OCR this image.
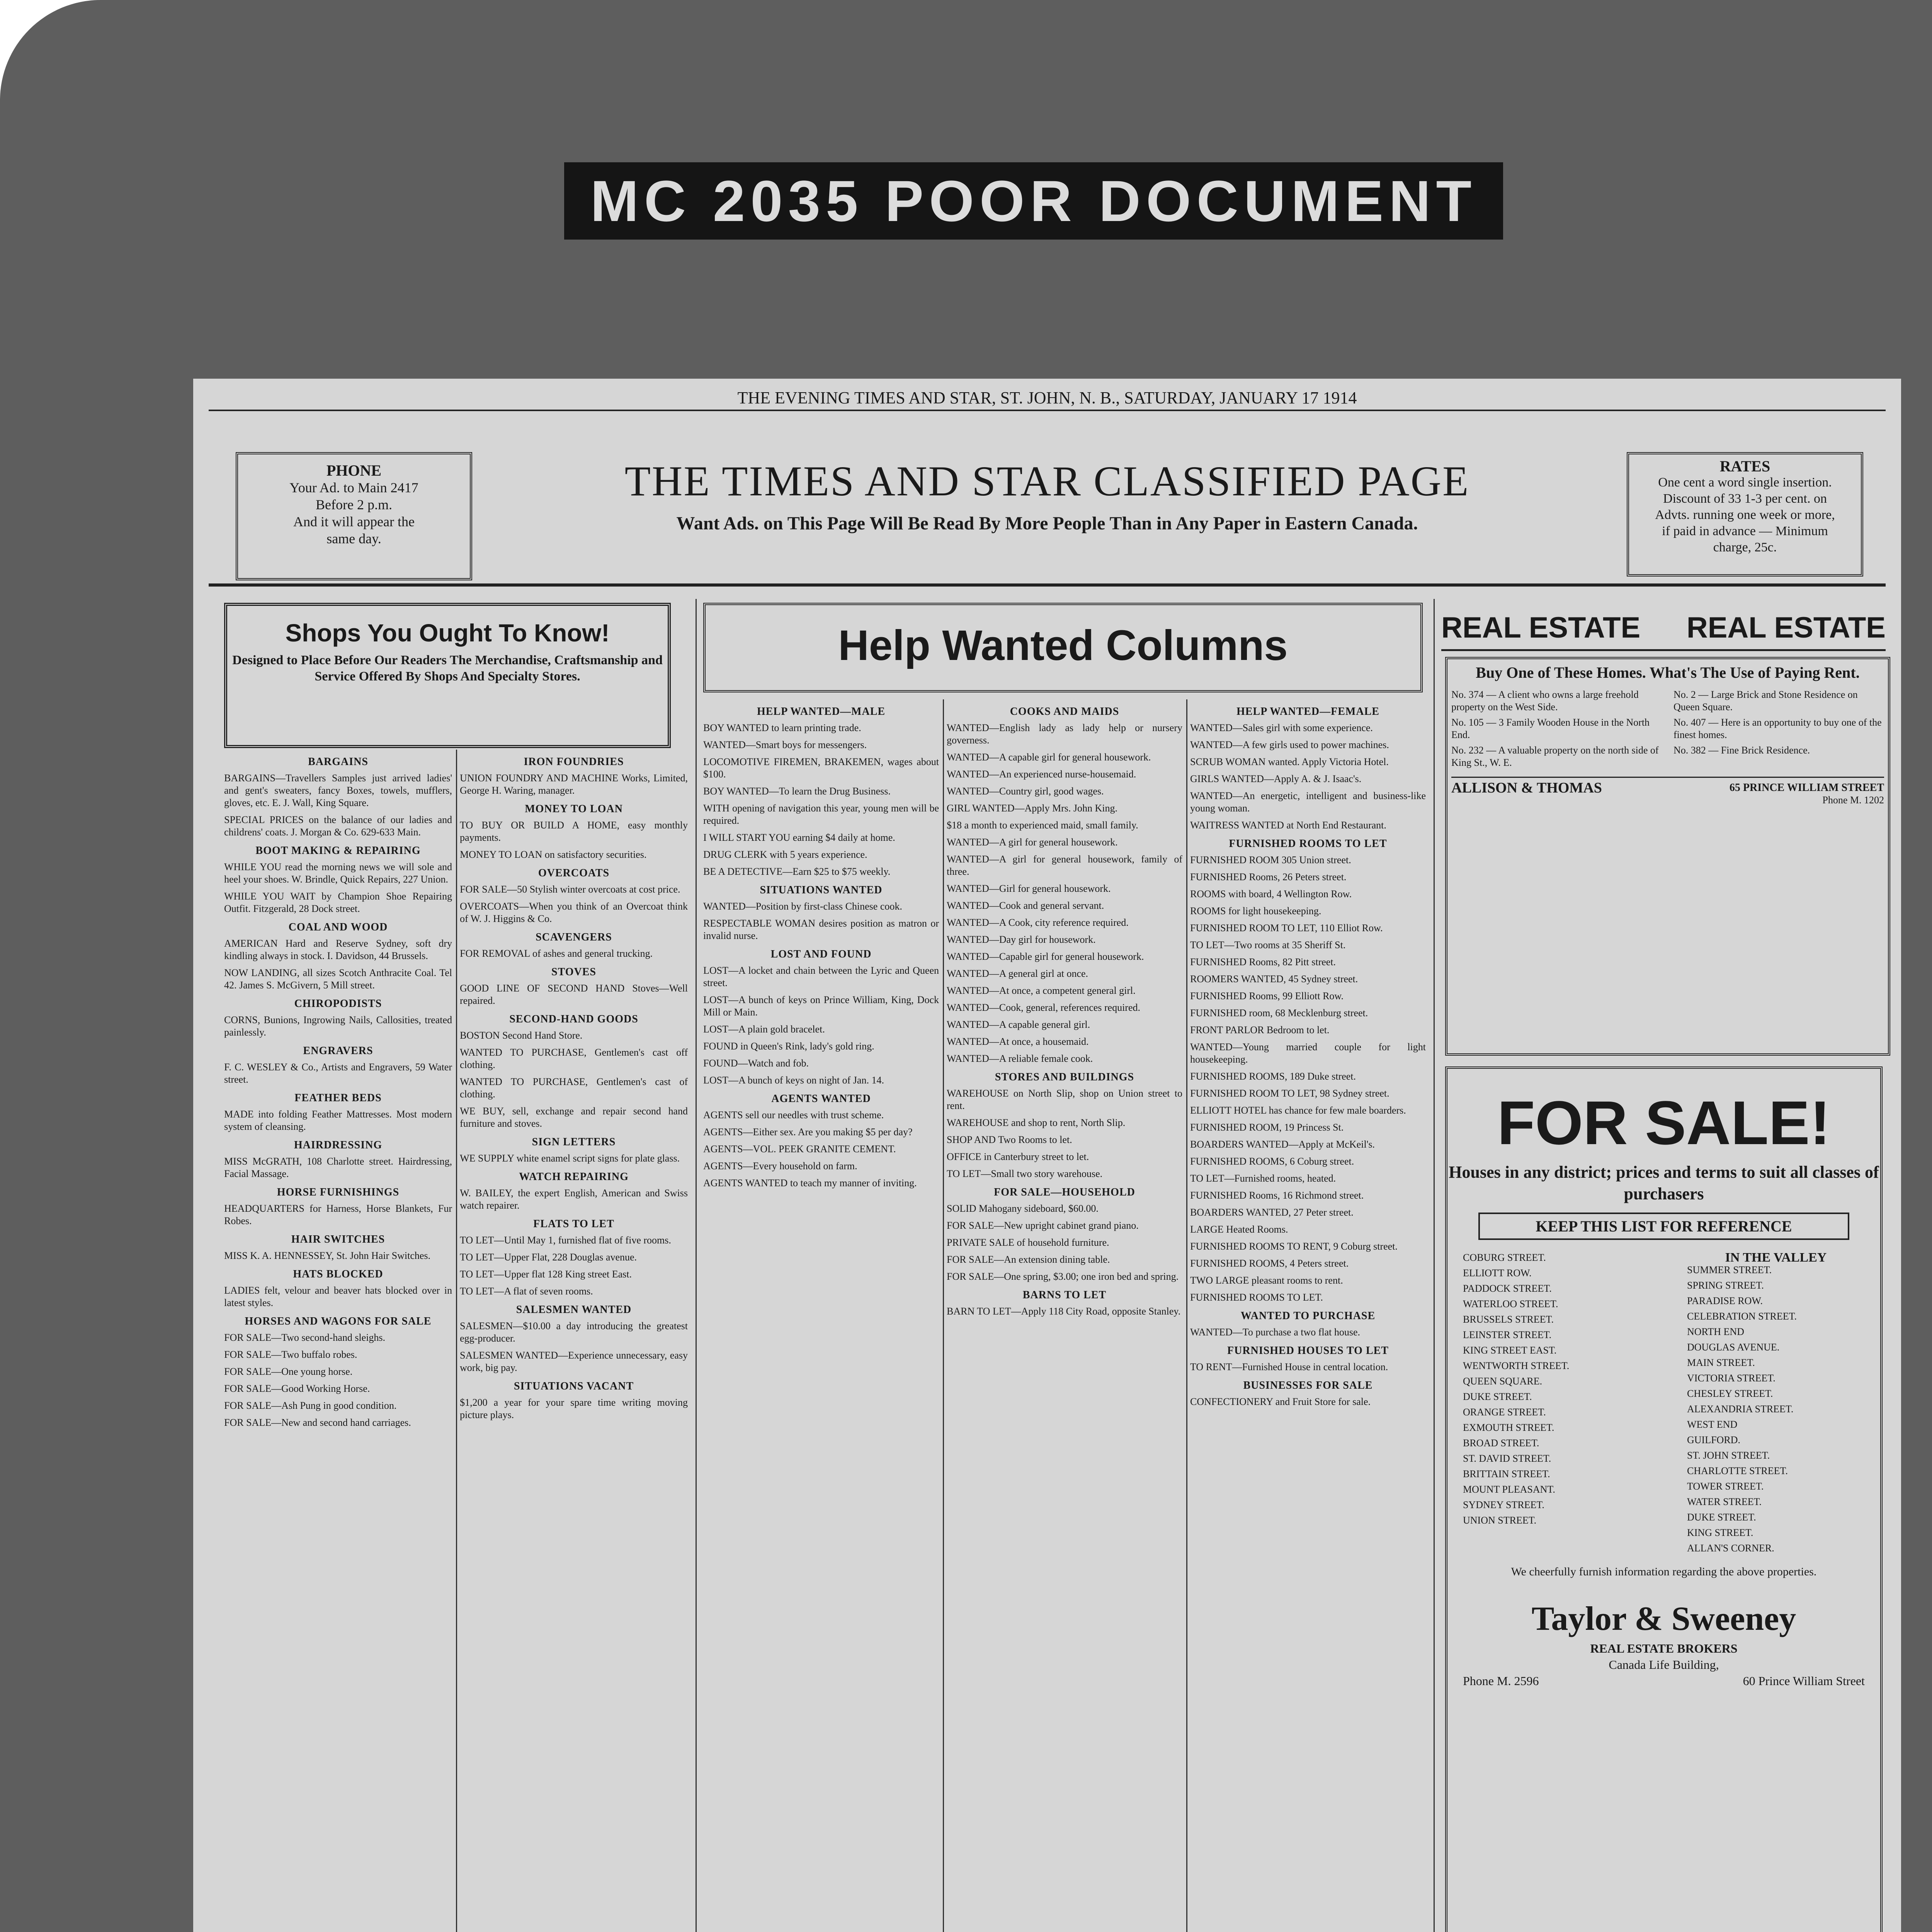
MC 2035 POOR DOCUMENT
THE EVENING TIMES AND STAR, ST. JOHN, N. B., SATURDAY, JANUARY 17 1914
PHONE
Your Ad. to Main 2417
Before 2 p.m.
And it will appear the
same day.
THE TIMES AND STAR CLASSIFIED PAGE
Want Ads. on This Page Will Be Read By More People Than in Any Paper in Eastern Canada.
RATES
One cent a word single insertion.
Discount of 33 1-3 per cent. on
Advts. running one week or more,
if paid in advance — Minimum
charge, 25c.
Shops You Ought To Know!
Designed to Place Before Our Readers The Merchandise, Craftsmanship and Service Offered By Shops And Specialty Stores.
Help Wanted Columns	REAL ESTATE REAL ESTATE
BARGAINS
BARGAINS—Travellers Samples just arrived ladies' and gent's sweaters, fancy Boxes, towels, mufflers, gloves, etc. E. J. Wall, King Square.
SPECIAL PRICES on the balance of our ladies and childrens' coats. J. Morgan & Co. 629-633 Main.
BOOT MAKING & REPAIRING
WHILE YOU read the morning news we will sole and heel your shoes. W. Brindle, Quick Repairs, 227 Union.
WHILE YOU WAIT by Champion Shoe Repairing Outfit. Fitzgerald, 28 Dock street.
COAL AND WOOD
AMERICAN Hard and Reserve Sydney, soft dry kindling always in stock. I. Davidson, 44 Brussels.
NOW LANDING, all sizes Scotch Anthracite Coal. Tel 42. James S. McGivern, 5 Mill street.
CHIROPODISTS
CORNS, Bunions, Ingrowing Nails, Callosities, treated painlessly.
ENGRAVERS
F. C. WESLEY & Co., Artists and Engravers, 59 Water street.
FEATHER BEDS
MADE into folding Feather Mattresses. Most modern system of cleansing.
HAIRDRESSING
MISS McGRATH, 108 Charlotte street. Hairdressing, Facial Massage.
HORSE FURNISHINGS
HEADQUARTERS for Harness, Horse Blankets, Fur Robes.
HAIR SWITCHES
MISS K. A. HENNESSEY, St. John Hair Switches.
HATS BLOCKED
LADIES felt, velour and beaver hats blocked over in latest styles.
HORSES AND WAGONS FOR SALE
FOR SALE—Two second-hand sleighs.
FOR SALE—Two buffalo robes.
FOR SALE—One young horse.
FOR SALE—Good Working Horse.
FOR SALE—Ash Pung in good condition.
FOR SALE—New and second hand carriages.
IRON FOUNDRIES
UNION FOUNDRY AND MACHINE Works, Limited, George H. Waring, manager.
MONEY TO LOAN
TO BUY OR BUILD A HOME, easy monthly payments.
MONEY TO LOAN on satisfactory securities.
OVERCOATS
FOR SALE—50 Stylish winter overcoats at cost price.
OVERCOATS—When you think of an Overcoat think of W. J. Higgins & Co.
SCAVENGERS
FOR REMOVAL of ashes and general trucking.
STOVES
GOOD LINE OF SECOND HAND Stoves—Well repaired.
SECOND-HAND GOODS
BOSTON Second Hand Store.
WANTED TO PURCHASE, Gentlemen's cast off clothing.
WANTED TO PURCHASE, Gentlemen's cast of clothing.
WE BUY, sell, exchange and repair second hand furniture and stoves.
SIGN LETTERS
WE SUPPLY white enamel script signs for plate glass.
WATCH REPAIRING
W. BAILEY, the expert English, American and Swiss watch repairer.
FLATS TO LET
TO LET—Until May 1, furnished flat of five rooms.
TO LET—Upper Flat, 228 Douglas avenue.
TO LET—Upper flat 128 King street East.
TO LET—A flat of seven rooms.
SALESMEN WANTED
SALESMEN—$10.00 a day introducing the greatest egg-producer.
SALESMEN WANTED—Experience unnecessary, easy work, big pay.
SITUATIONS VACANT
$1,200 a year for your spare time writing moving picture plays.
HELP WANTED—MALE
BOY WANTED to learn printing trade.
WANTED—Smart boys for messengers.
LOCOMOTIVE FIREMEN, BRAKEMEN, wages about $100.
BOY WANTED—To learn the Drug Business.
WITH opening of navigation this year, young men will be required.
I WILL START YOU earning $4 daily at home.
DRUG CLERK with 5 years experience.
BE A DETECTIVE—Earn $25 to $75 weekly.
SITUATIONS WANTED
WANTED—Position by first-class Chinese cook.
RESPECTABLE WOMAN desires position as matron or invalid nurse.
LOST AND FOUND
LOST—A locket and chain between the Lyric and Queen street.
LOST—A bunch of keys on Prince William, King, Dock Mill or Main.
LOST—A plain gold bracelet.
FOUND in Queen's Rink, lady's gold ring.
FOUND—Watch and fob.
LOST—A bunch of keys on night of Jan. 14.
AGENTS WANTED
AGENTS sell our needles with trust scheme.
AGENTS—Either sex. Are you making $5 per day?
AGENTS—VOL. PEEK GRANITE CEMENT.
AGENTS—Every household on farm.
AGENTS WANTED to teach my manner of inviting.
COOKS AND MAIDS
WANTED—English lady as lady help or nursery governess.
WANTED—A capable girl for general housework.
WANTED—An experienced nurse-housemaid.
WANTED—Country girl, good wages.
GIRL WANTED—Apply Mrs. John King.
$18 a month to experienced maid, small family.
WANTED—A girl for general housework.
WANTED—A girl for general housework, family of three.
WANTED—Girl for general housework.
WANTED—Cook and general servant.
WANTED—A Cook, city reference required.
WANTED—Day girl for housework.
WANTED—Capable girl for general housework.
WANTED—A general girl at once.
WANTED—At once, a competent general girl.
WANTED—Cook, general, references required.
WANTED—A capable general girl.
WANTED—At once, a housemaid.
WANTED—A reliable female cook.
STORES AND BUILDINGS
WAREHOUSE on North Slip, shop on Union street to rent.
WAREHOUSE and shop to rent, North Slip.
SHOP AND Two Rooms to let.
OFFICE in Canterbury street to let.
TO LET—Small two story warehouse.
FOR SALE—HOUSEHOLD
SOLID Mahogany sideboard, $60.00.
FOR SALE—New upright cabinet grand piano.
PRIVATE SALE of household furniture.
FOR SALE—An extension dining table.
FOR SALE—One spring, $3.00; one iron bed and spring.
BARNS TO LET
BARN TO LET—Apply 118 City Road, opposite Stanley.
HELP WANTED—FEMALE
WANTED—Sales girl with some experience.
WANTED—A few girls used to power machines.
SCRUB WOMAN wanted. Apply Victoria Hotel.
GIRLS WANTED—Apply A. & J. Isaac's.
WANTED—An energetic, intelligent and business-like young woman.
WAITRESS WANTED at North End Restaurant.
FURNISHED ROOMS TO LET
FURNISHED ROOM 305 Union street.
FURNISHED Rooms, 26 Peters street.
ROOMS with board, 4 Wellington Row.
ROOMS for light housekeeping.
FURNISHED ROOM TO LET, 110 Elliot Row.
TO LET—Two rooms at 35 Sheriff St.
FURNISHED Rooms, 82 Pitt street.
ROOMERS WANTED, 45 Sydney street.
FURNISHED Rooms, 99 Elliott Row.
FURNISHED room, 68 Mecklenburg street.
FRONT PARLOR Bedroom to let.
WANTED—Young married couple for light housekeeping.
FURNISHED ROOMS, 189 Duke street.
FURNISHED ROOM TO LET, 98 Sydney street.
ELLIOTT HOTEL has chance for few male boarders.
FURNISHED ROOM, 19 Princess St.
BOARDERS WANTED—Apply at McKeil's.
FURNISHED ROOMS, 6 Coburg street.
TO LET—Furnished rooms, heated.
FURNISHED Rooms, 16 Richmond street.
BOARDERS WANTED, 27 Peter street.
LARGE Heated Rooms.
FURNISHED ROOMS TO RENT, 9 Coburg street.
FURNISHED ROOMS, 4 Peters street.
TWO LARGE pleasant rooms to rent.
FURNISHED ROOMS TO LET.
WANTED TO PURCHASE
WANTED—To purchase a two flat house.
FURNISHED HOUSES TO LET
TO RENT—Furnished House in central location.
BUSINESSES FOR SALE
CONFECTIONERY and Fruit Store for sale.
Buy One of These Homes. What's The Use of Paying Rent.
No. 374 — A client who owns a large freehold property on the West Side.
No. 105 — 3 Family Wooden House in the North End.
No. 232 — A valuable property on the north side of King St., W. E.
No. 2 — Large Brick and Stone Residence on Queen Square.
No. 407 — Here is an opportunity to buy one of the finest homes.
No. 382 — Fine Brick Residence.
ALLISON & THOMAS	65 PRINCE WILLIAM STREET
Phone M. 1202
FOR SALE!
Houses in any district; prices and terms to suit all classes of purchasers
KEEP THIS LIST FOR REFERENCE
COBURG STREET.
ELLIOTT ROW.
PADDOCK STREET.
WATERLOO STREET.
BRUSSELS STREET.
LEINSTER STREET.
KING STREET EAST.
WENTWORTH STREET.
QUEEN SQUARE.
DUKE STREET.
ORANGE STREET.
EXMOUTH STREET.
BROAD STREET.
ST. DAVID STREET.
BRITTAIN STREET.
MOUNT PLEASANT.
SYDNEY STREET.
UNION STREET.
IN THE VALLEY
SUMMER STREET.
SPRING STREET.
PARADISE ROW.
CELEBRATION STREET.
NORTH END
DOUGLAS AVENUE.
MAIN STREET.
VICTORIA STREET.
CHESLEY STREET.
ALEXANDRIA STREET.
WEST END
GUILFORD.
ST. JOHN STREET.
CHARLOTTE STREET.
TOWER STREET.
WATER STREET.
DUKE STREET.
KING STREET.
ALLAN'S CORNER.
We cheerfully furnish information regarding the above properties.
Taylor & Sweeney
REAL ESTATE BROKERS
Canada Life Building,
Phone M. 2596	60 Prince William Street
